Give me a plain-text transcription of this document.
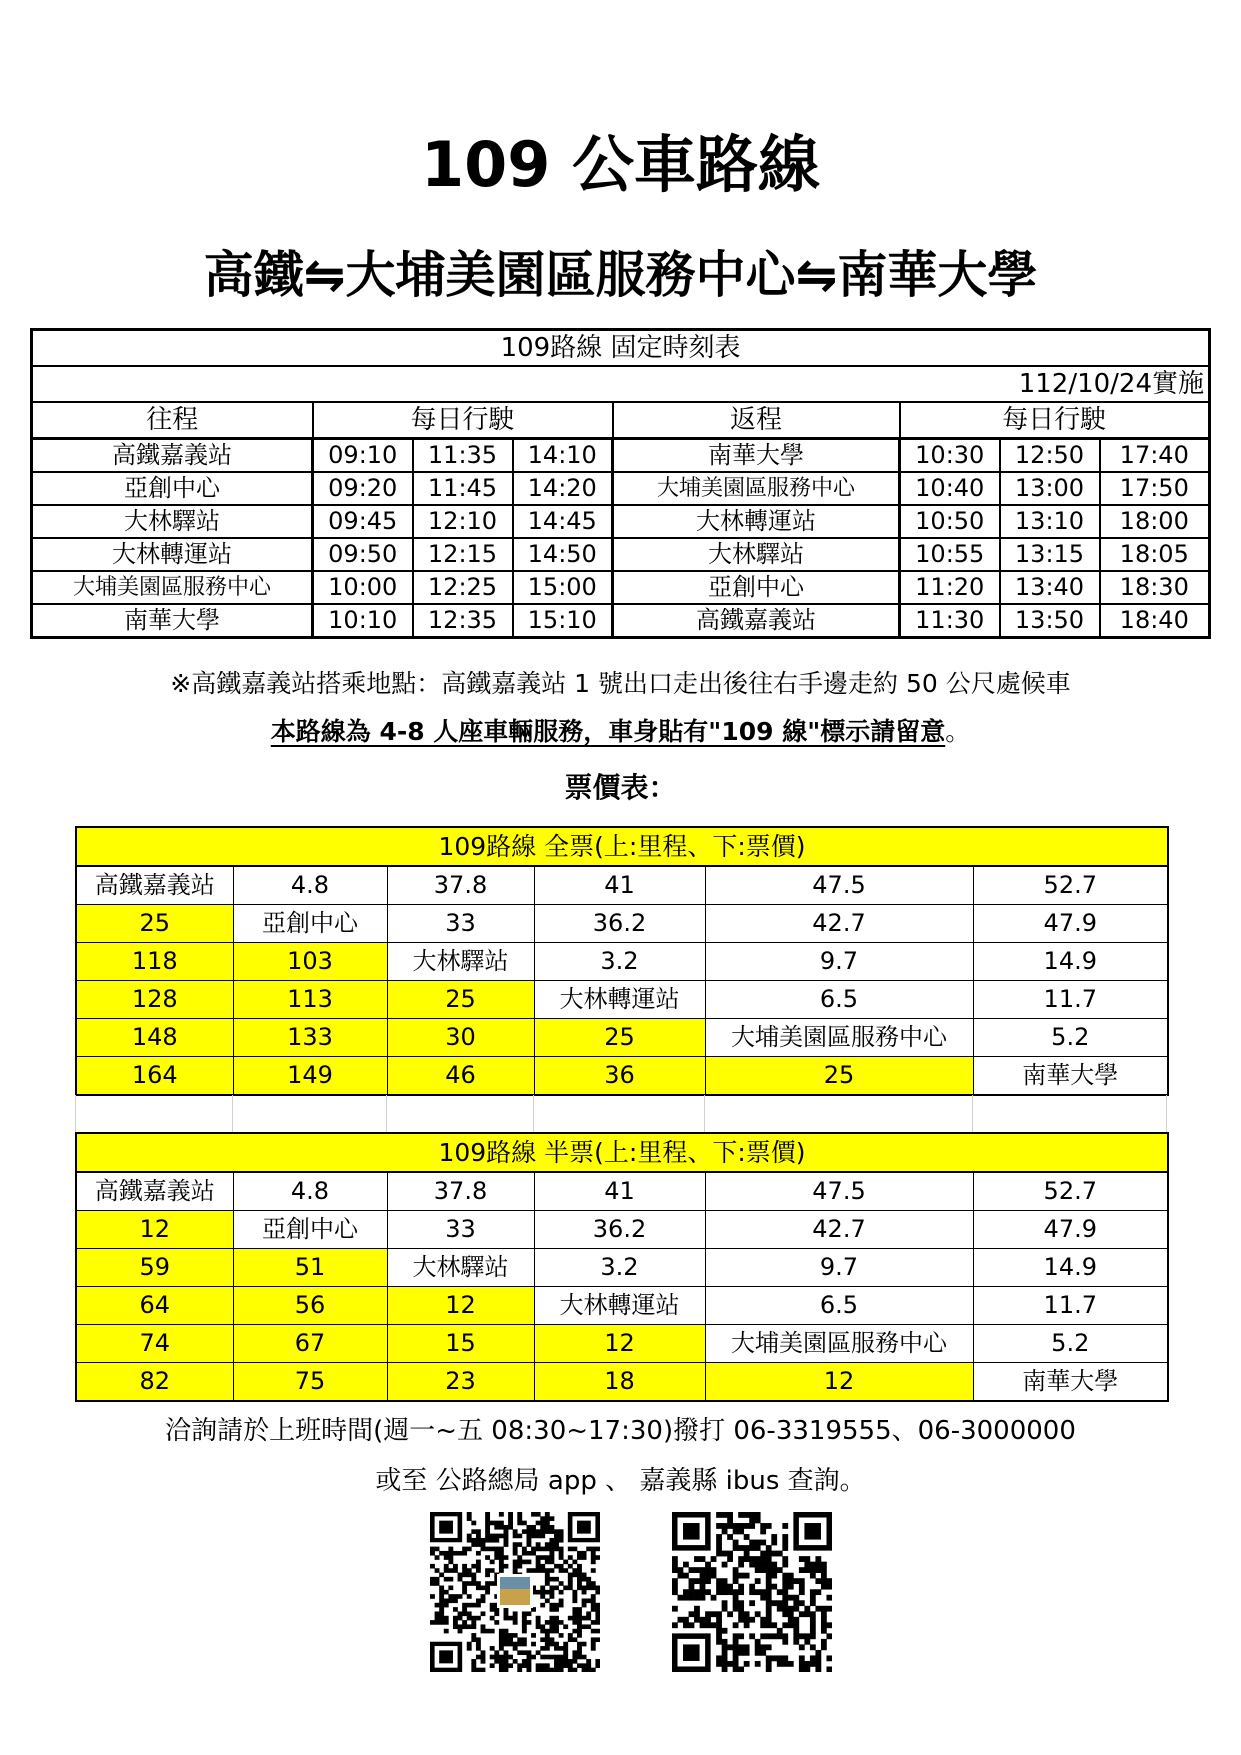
109 公車路線
高鐵⇋大埔美園區服務中心⇋南華大學
109路線 固定時刻表							
							112/10/24實施
往程	每日行駛			返程	每日行駛		
高鐵嘉義站	09:10	11:35	14:10	南華大學	10:30	12:50	17:40
亞創中心	09:20	11:45	14:20	大埔美園區服務中心	10:40	13:00	17:50
大林驛站	09:45	12:10	14:45	大林轉運站	10:50	13:10	18:00
大林轉運站	09:50	12:15	14:50	大林驛站	10:55	13:15	18:05
大埔美園區服務中心	10:00	12:25	15:00	亞創中心	11:20	13:40	18:30
南華大學	10:10	12:35	15:10	高鐵嘉義站	11:30	13:50	18:40
※高鐵嘉義站搭乘地點：高鐵嘉義站 1 號出口走出後往右手邊走約 50 公尺處候車
本路線為 4-8 人座車輛服務，車身貼有"109 線"標示請留意。
票價表：
109路線 全票(上:里程、下:票價)					
高鐵嘉義站	4.8	37.8	41	47.5	52.7
25	亞創中心	33	36.2	42.7	47.9
118	103	大林驛站	3.2	9.7	14.9
128	113	25	大林轉運站	6.5	11.7
148	133	30	25	大埔美園區服務中心	5.2
164	149	46	36	25	南華大學
109路線 半票(上:里程、下:票價)					
高鐵嘉義站	4.8	37.8	41	47.5	52.7
12	亞創中心	33	36.2	42.7	47.9
59	51	大林驛站	3.2	9.7	14.9
64	56	12	大林轉運站	6.5	11.7
74	67	15	12	大埔美園區服務中心	5.2
82	75	23	18	12	南華大學
洽詢請於上班時間(週一~五 08:30~17:30)撥打 06-3319555、06-3000000
或至 公路總局 app 、 嘉義縣 ibus 查詢。
